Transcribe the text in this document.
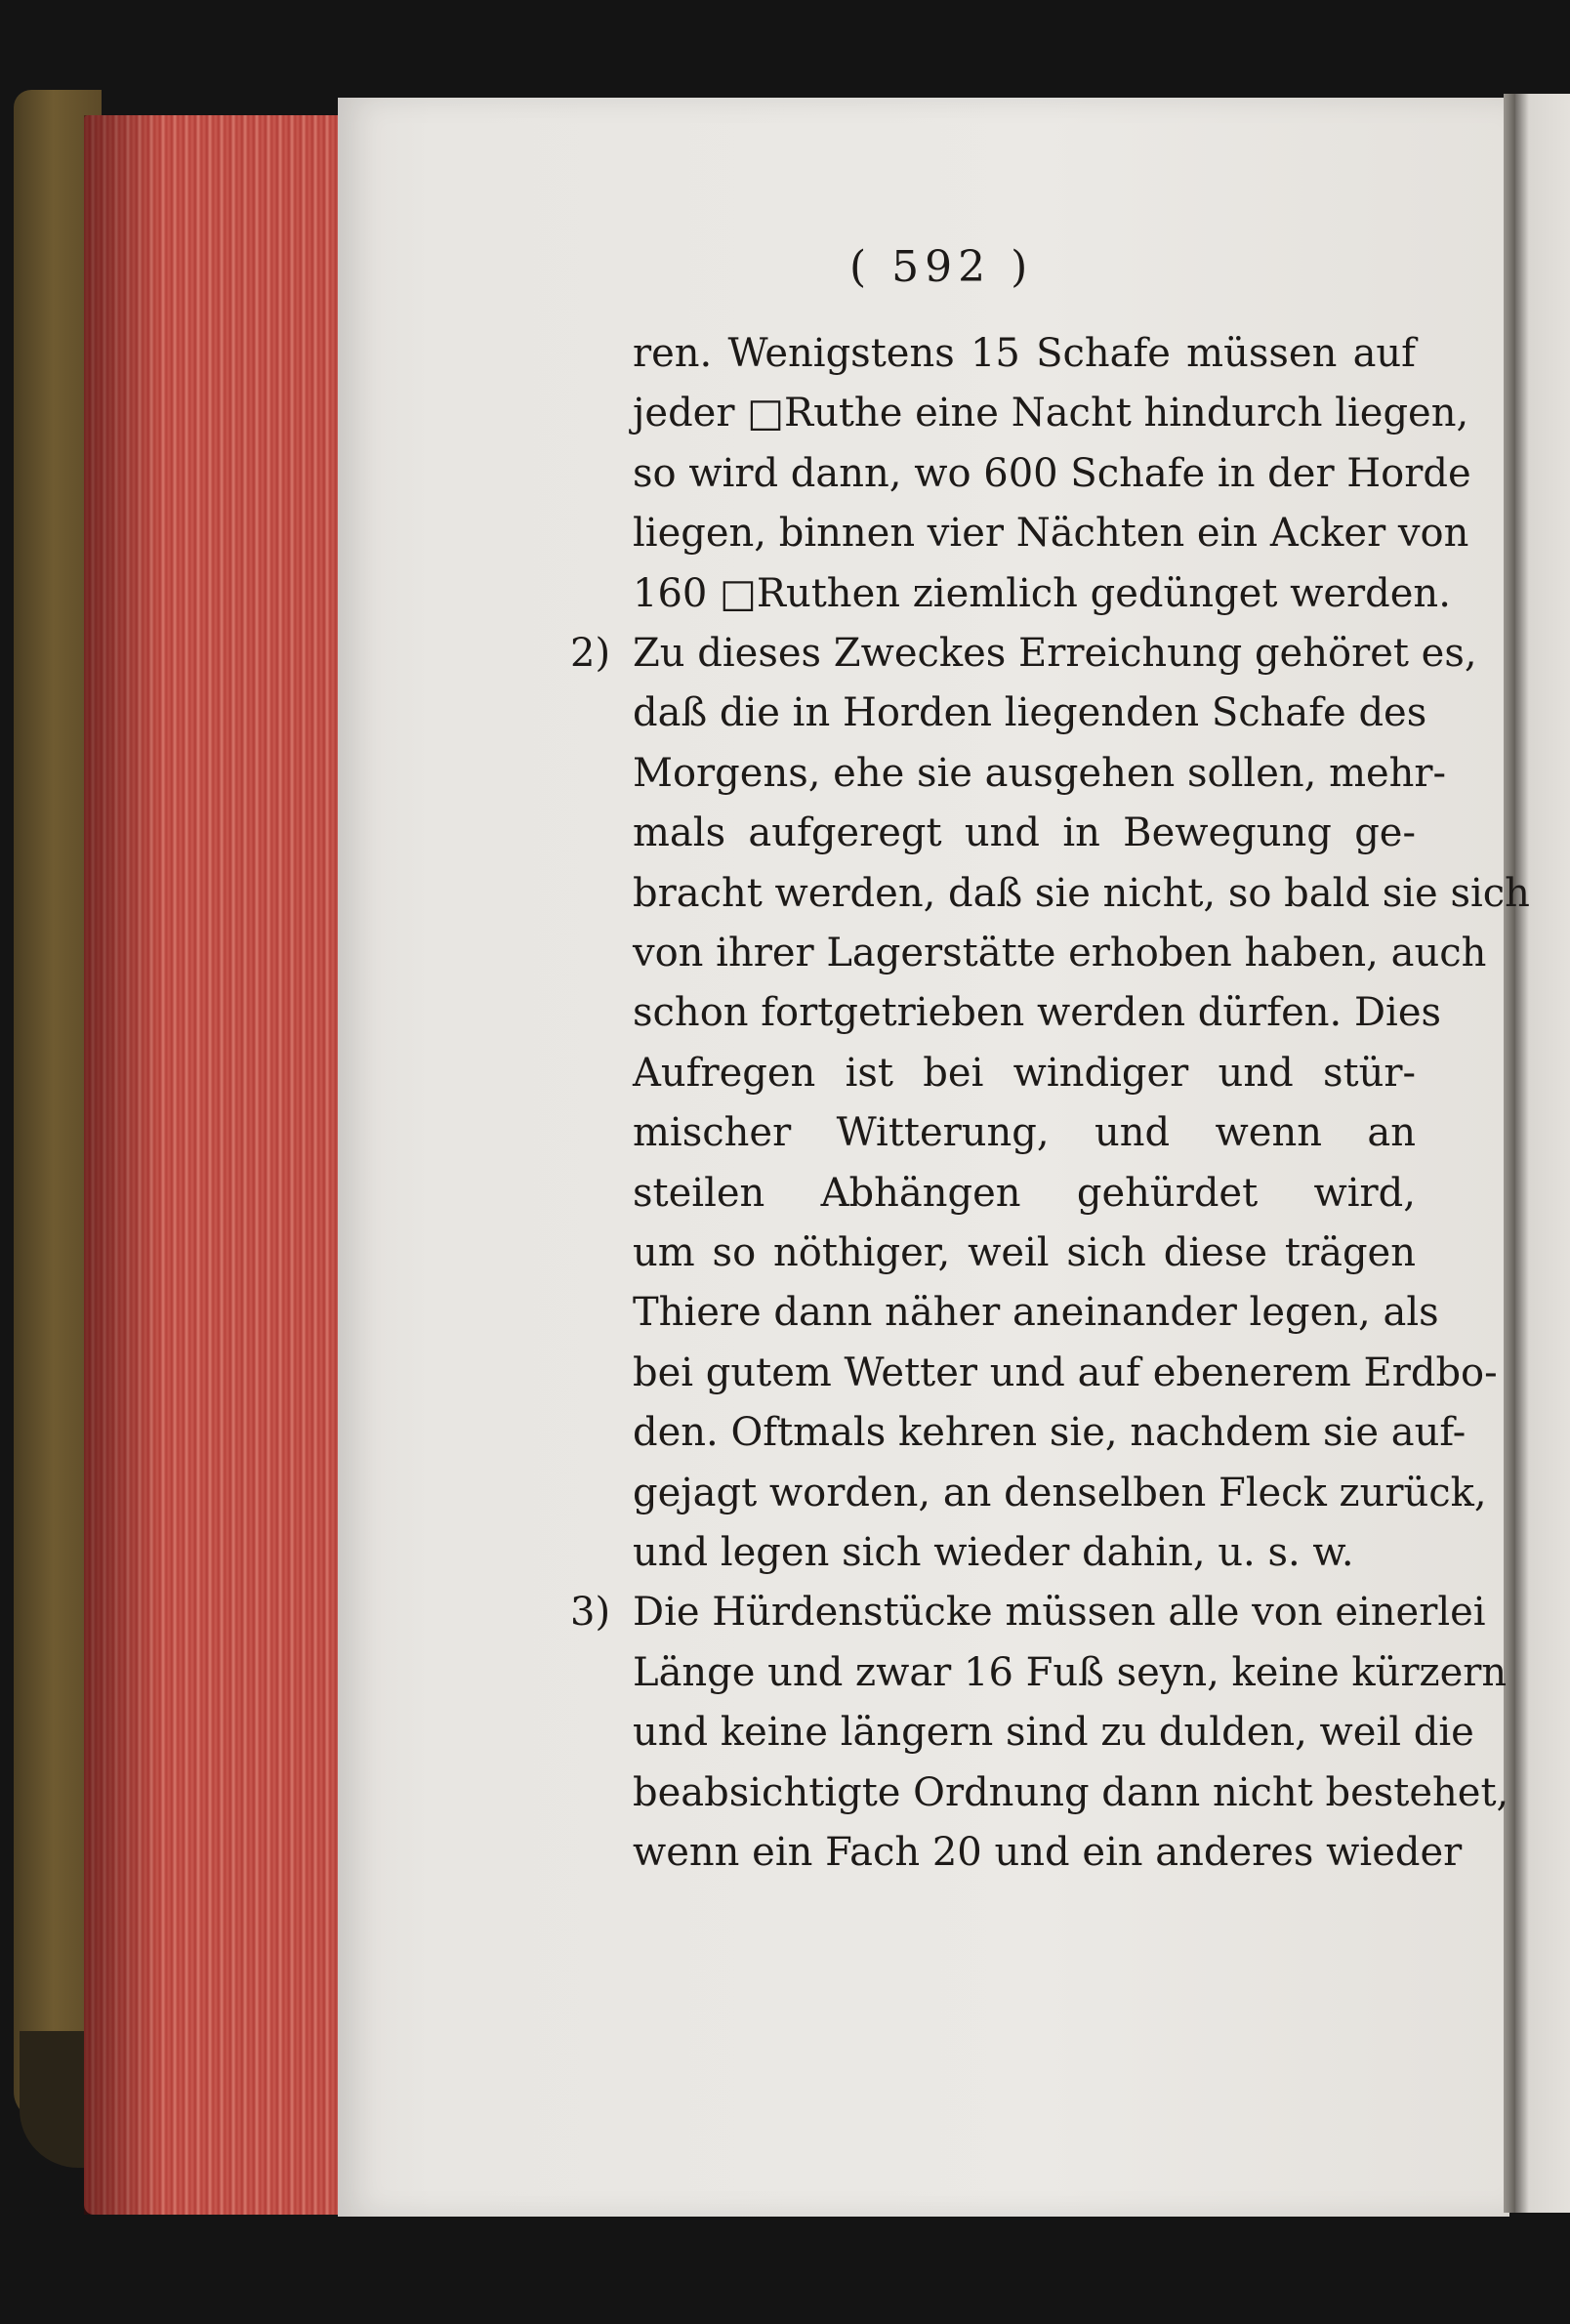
( 592 )
ren. Wenigstens 15 Schafe müssen auf
jeder □Ruthe eine Nacht hindurch liegen,
so wird dann, wo 600 Schafe in der Horde
liegen, binnen vier Nächten ein Acker von
160 □Ruthen ziemlich gedünget werden.
2) Zu dieses Zweckes Erreichung gehöret es,
daß die in Horden liegenden Schafe des
Morgens, ehe sie ausgehen sollen, mehr-
mals aufgeregt und in Bewegung ge-
bracht werden, daß sie nicht, so bald sie sich
von ihrer Lagerstätte erhoben haben, auch
schon fortgetrieben werden dürfen. Dies
Aufregen ist bei windiger und stür-
mischer Witterung, und wenn an
steilen Abhängen gehürdet wird,
um so nöthiger, weil sich diese trägen
Thiere dann näher aneinander legen, als
bei gutem Wetter und auf ebenerem Erdbo-
den. Oftmals kehren sie, nachdem sie auf-
gejagt worden, an denselben Fleck zurück,
und legen sich wieder dahin, u. s. w.
3) Die Hürdenstücke müssen alle von einerlei
Länge und zwar 16 Fuß seyn, keine kürzern
und keine längern sind zu dulden, weil die
beabsichtigte Ordnung dann nicht bestehet,
wenn ein Fach 20 und ein anderes wieder
